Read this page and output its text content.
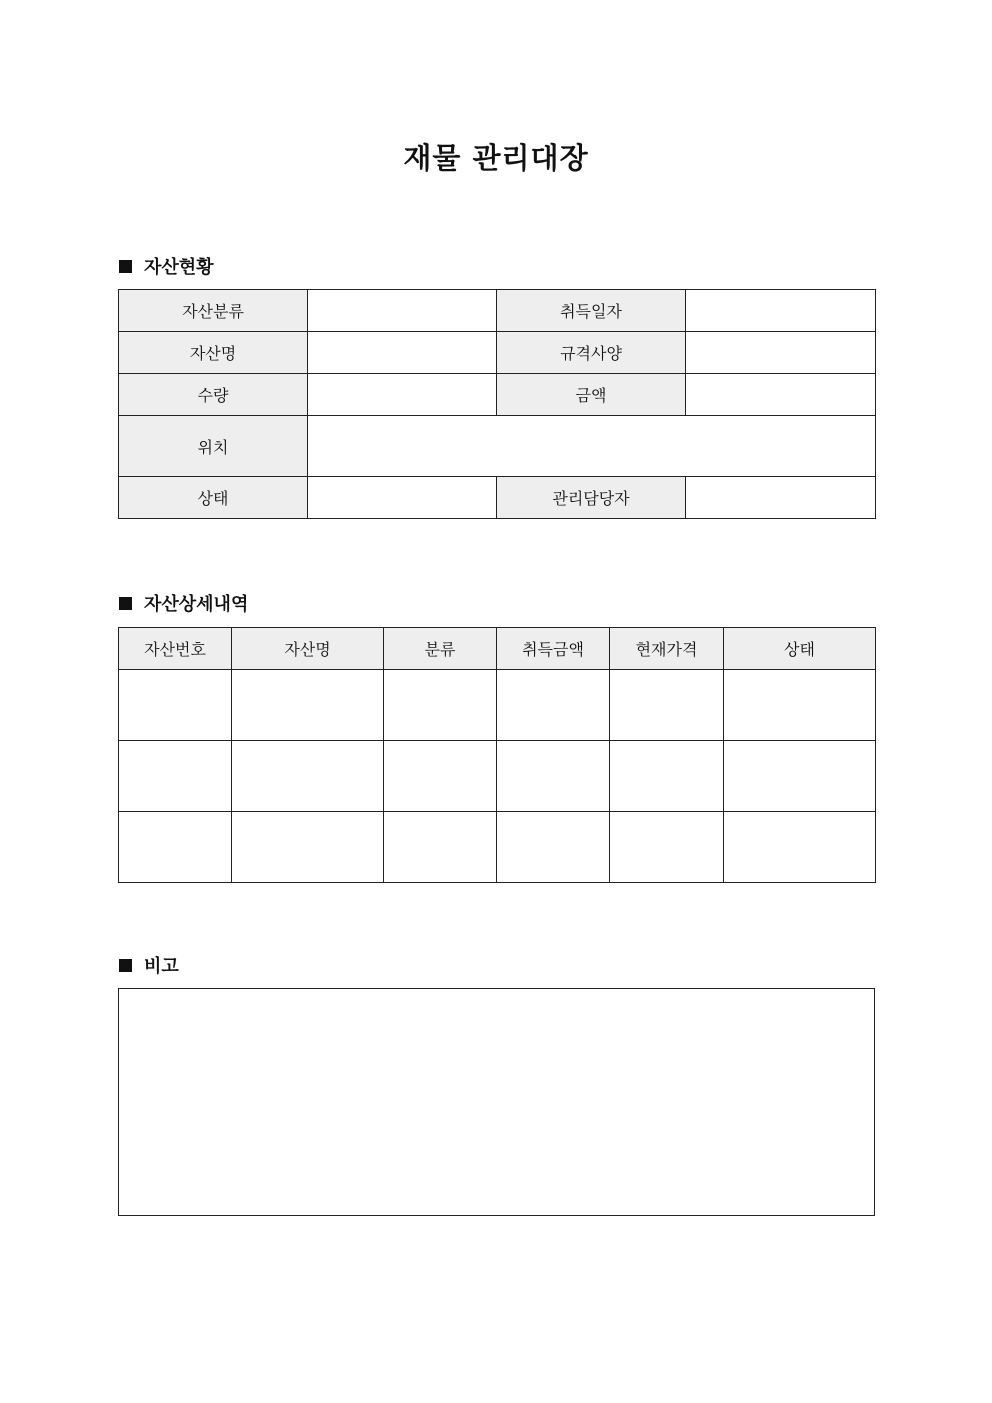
재물 관리대장
자산현황
자산분류		취득일자	
자산명		규격사양	
수량		금액	
위치			
상태		관리담당자	
자산상세내역
자산번호	자산명	분류	취득금액	현재가격	상태

비고
